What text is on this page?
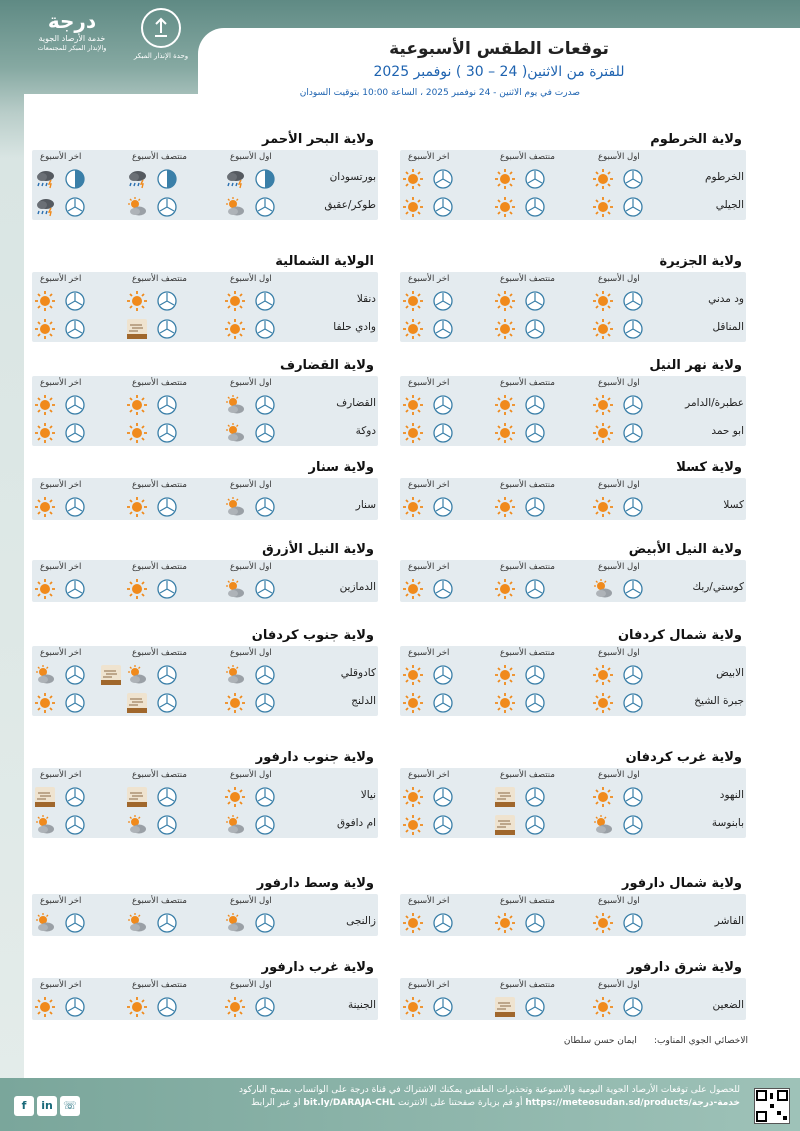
درجة
خدمة الأرصاد الجوية
والإنذار المبكر للمجتمعات
وحدة الإنذار المبكر	توقعات الطقس الأسبوعية
للفترة من الاثنين( 24 – 30 ) نوفمبر 2025
صدرت في يوم الاثنين - 24 نوفمبر 2025 ، الساعة 10:00 بتوقيت السودان
ولاية الخرطوم
اول الأسبوع
منتصف الأسبوع
اخر الأسبوع
الخرطوم
الجيلي
ولاية البحر الأحمر
اول الأسبوع
منتصف الأسبوع
اخر الأسبوع
بورتسودان
طوكر/عقيق
ولاية الجزيرة
اول الأسبوع
منتصف الأسبوع
اخر الأسبوع
ود مدني
المناقل
الولاية الشمالية
اول الأسبوع
منتصف الأسبوع
اخر الأسبوع
دنقلا
وادي حلفا
ولاية نهر النيل
اول الأسبوع
منتصف الأسبوع
اخر الأسبوع
عطبرة/الدامر
ابو حمد
ولاية القضارف
اول الأسبوع
منتصف الأسبوع
اخر الأسبوع
القضارف
دوكة
ولاية كسلا
اول الأسبوع
منتصف الأسبوع
اخر الأسبوع
كسلا
ولاية سنار
اول الأسبوع
منتصف الأسبوع
اخر الأسبوع
سنار
ولاية النيل الأبيض
اول الأسبوع
منتصف الأسبوع
اخر الأسبوع
كوستي/ربك
ولاية النيل الأزرق
اول الأسبوع
منتصف الأسبوع
اخر الأسبوع
الدمازين
ولاية شمال كردفان
اول الأسبوع
منتصف الأسبوع
اخر الأسبوع
الابيض
جبرة الشيخ
ولاية جنوب كردفان
اول الأسبوع
منتصف الأسبوع
اخر الأسبوع
كادوقلي
الدلنج
ولاية غرب كردفان
اول الأسبوع
منتصف الأسبوع
اخر الأسبوع
النهود
بابنوسة
ولاية جنوب دارفور
اول الأسبوع
منتصف الأسبوع
اخر الأسبوع
نيالا
ام دافوق
ولاية شمال دارفور
اول الأسبوع
منتصف الأسبوع
اخر الأسبوع
الفاشر
ولاية وسط دارفور
اول الأسبوع
منتصف الأسبوع
اخر الأسبوع
زالنجى
ولاية شرق دارفور
اول الأسبوع
منتصف الأسبوع
اخر الأسبوع
الضعين
ولاية غرب دارفور
اول الأسبوع
منتصف الأسبوع
اخر الأسبوع
الجنينة
الاخصائي الجوي المناوب:      ايمان حسن سلطان
للحصول على توقعات الأرصاد الجوية اليومية والاسبوعية وتحذيرات الطقس يمكنك الاشتراك في قناة درجة على الواتساب بمسح الباركود
او عبر الرابط bit.ly/DARAJA-CHL أو قم بزيارة صفحتنا على الانترنت https://meteosudan.sd/products/خدمة-درجة
f	in ☏
